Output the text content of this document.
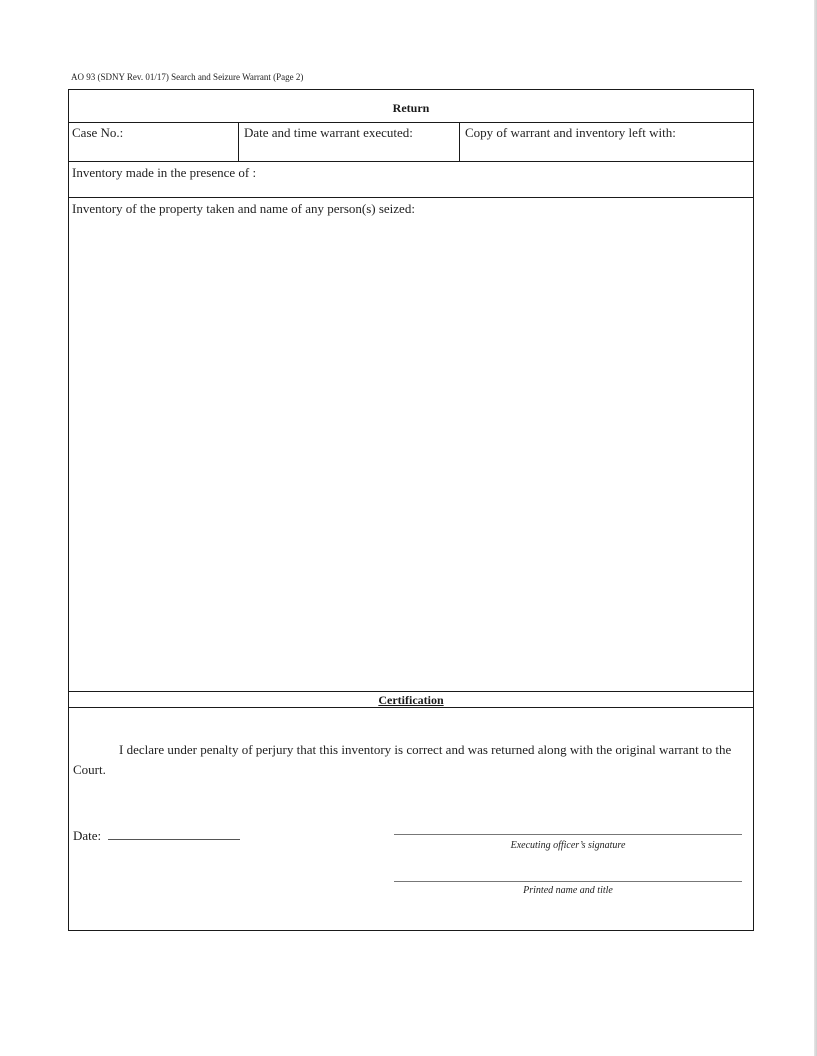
AO 93 (SDNY Rev. 01/17) Search and Seizure Warrant (Page 2)
Return
Case No.:	Date and time warrant executed:	Copy of warrant and inventory left with:
Inventory made in the presence of :
Inventory of the property taken and name of any person(s) seized:
Certification
I declare under penalty of perjury that this inventory is correct and was returned along with the original warrant to the Court.
Date:
Executing officer’s signature
Printed name and title
